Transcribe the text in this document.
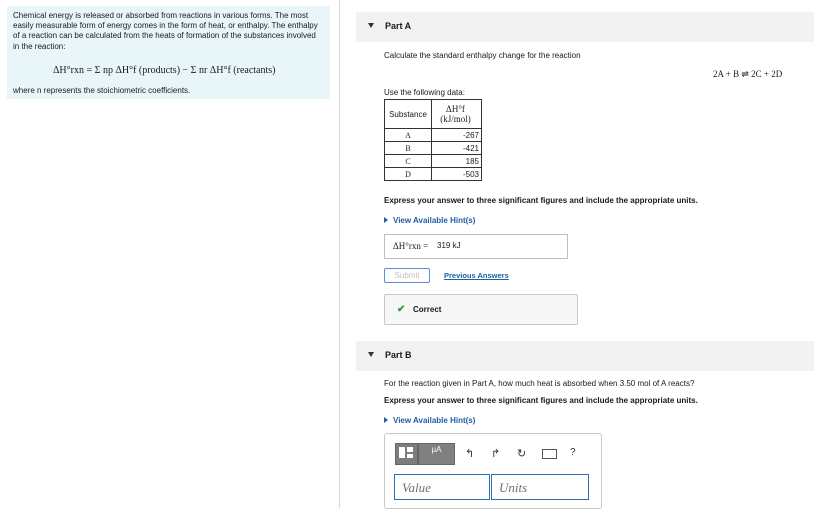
Chemical energy is released or absorbed from reactions in various forms. The most easily measurable form of energy comes in the form of heat, or enthalpy. The enthalpy of a reaction can be calculated from the heats of formation of the substances involved in the reaction:
ΔH°rxn = Σ np ΔH°f (products) − Σ nr ΔH°f (reactants)
where n represents the stoichiometric coefficients.
Part A
Calculate the standard enthalpy change for the reaction
2A + B ⇌ 2C + 2D
Use the following data:
Substance	ΔH°f (kJ/mol)
A	-267
B	-421
C	185
D	-503
Express your answer to three significant figures and include the appropriate units.
View Available Hint(s)
ΔH°rxn = 319 kJ
Submit	Previous Answers
✔ Correct
Part B
For the reaction given in Part A, how much heat is absorbed when 3.50 mol of A reacts?
Express your answer to three significant figures and include the appropriate units.
View Available Hint(s)
μA	↰ ↱ ↻	?
Value	Units
